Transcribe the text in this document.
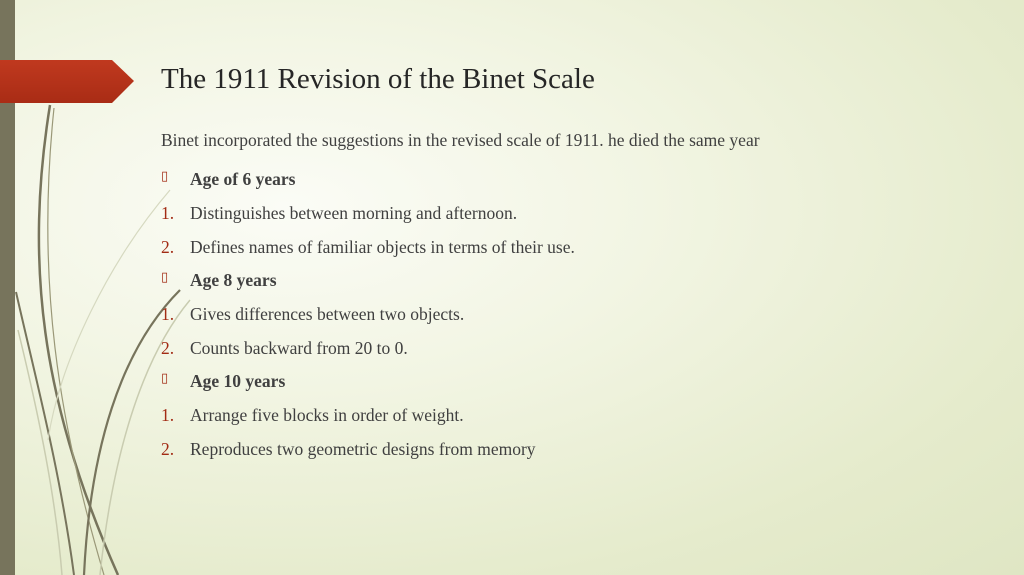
The 1911 Revision of the Binet Scale

Binet incorporated the suggestions in the revised scale of 1911. he died the same year

▯	Age of 6 years
1. Distinguishes between morning and afternoon.
2. Defines names of familiar objects in terms of their use.
▯	Age 8 years
1. Gives differences between two objects.
2. Counts backward from 20 to 0.
▯	Age 10 years
1. Arrange five blocks in order of weight.
2. Reproduces two geometric designs from memory
